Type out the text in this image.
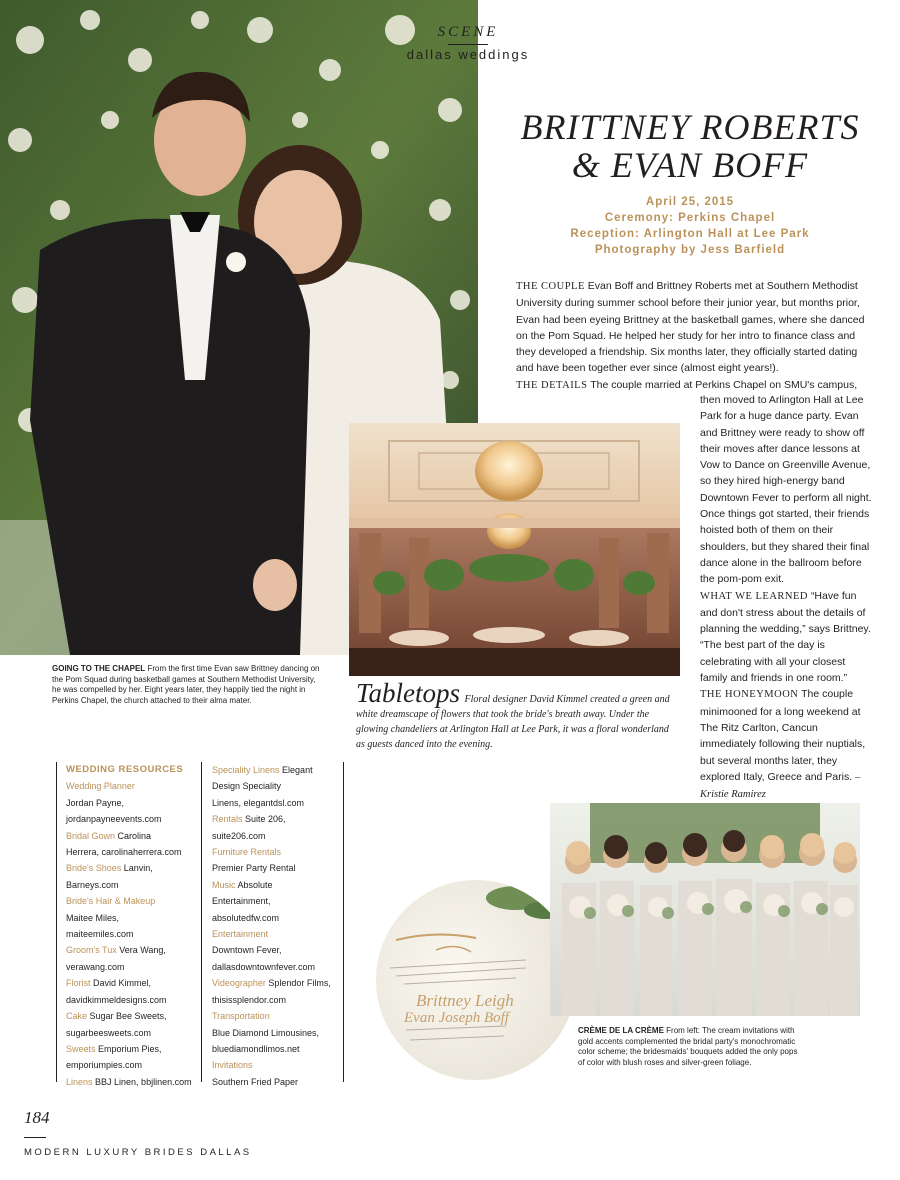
SCENE
dallas weddings
BRITTNEY ROBERTS
& EVAN BOFF
April 25, 2015
Ceremony: Perkins Chapel
Reception: Arlington Hall at Lee Park
Photography by Jess Barfield
THE COUPLE Evan Boff and Brittney Roberts met at Southern Methodist University during summer school before their junior year, but months prior, Evan had been eyeing Brittney at the basketball games, where she danced on the Pom Squad. He helped her study for her intro to finance class and they developed a friendship. Six months later, they officially started dating and have been together ever since (almost eight years!).
THE DETAILS The couple married at Perkins Chapel on SMU's campus,
then moved to Arlington Hall at Lee Park for a huge dance party. Evan and Brittney were ready to show off their moves after dance lessons at Vow to Dance on Greenville Avenue, so they hired high-energy band Downtown Fever to perform all night. Once things got started, their friends hoisted both of them on their shoulders, but they shared their final dance alone in the ballroom before the pom-pom exit.
WHAT WE LEARNED “Have fun and don't stress about the details of planning the wedding,” says Brittney. “The best part of the day is celebrating with all your closest family and friends in one room.”
THE HONEYMOON The couple minimooned for a long weekend at The Ritz Carlton, Cancun immediately following their nuptials, but several months later, they explored Italy, Greece and Paris. –Kristie Ramirez
GOING TO THE CHAPEL From the first time Evan saw Brittney dancing on the Pom Squad during basketball games at Southern Methodist University, he was compelled by her. Eight years later, they happily tied the night in Perkins Chapel, the church attached to their alma mater.	Tabletops Floral designer David Kimmel created a green and white dreamscape of flowers that took the bride's breath away. Under the glowing chandeliers at Arlington Hall at Lee Park, it was a floral wonderland as guests danced into the evening.
WEDDING RESOURCES
Wedding Planner
Jordan Payne,
jordanpayneevents.com
Bridal Gown Carolina
Herrera, carolinaherrera.com
Bride's Shoes Lanvin,
Barneys.com
Bride's Hair & Makeup
Maitee Miles,
maiteemiles.com
Groom's Tux Vera Wang,
verawang.com
Florist David Kimmel,
davidkimmeldesigns.com
Cake Sugar Bee Sweets,
sugarbeesweets.com
Sweets Emporium Pies,
emporiumpies.com
Linens BBJ Linen, bbjlinen.com
Speciality Linens Elegant
Design Speciality
Linens, elegantdsl.com
Rentals Suite 206,
suite206.com
Furniture Rentals
Premier Party Rental
Music Absolute
Entertainment,
absolutedfw.com
Entertainment
Downtown Fever,
dallasdowntownfever.com
Videographer Splendor Films,
thisissplendor.com
Transportation
Blue Diamond Limousines,
bluediamondlimos.net
Invitations
Southern Fried Paper
Brittney Leigh
Evan Joseph Boff
CRÈME DE LA CRÈME From left: The cream invitations with gold accents complemented the bridal party's monochromatic color scheme; the bridesmaids' bouquets added the only pops of color with blush roses and silver-green foliage.
184
MODERN LUXURY BRIDES DALLAS
